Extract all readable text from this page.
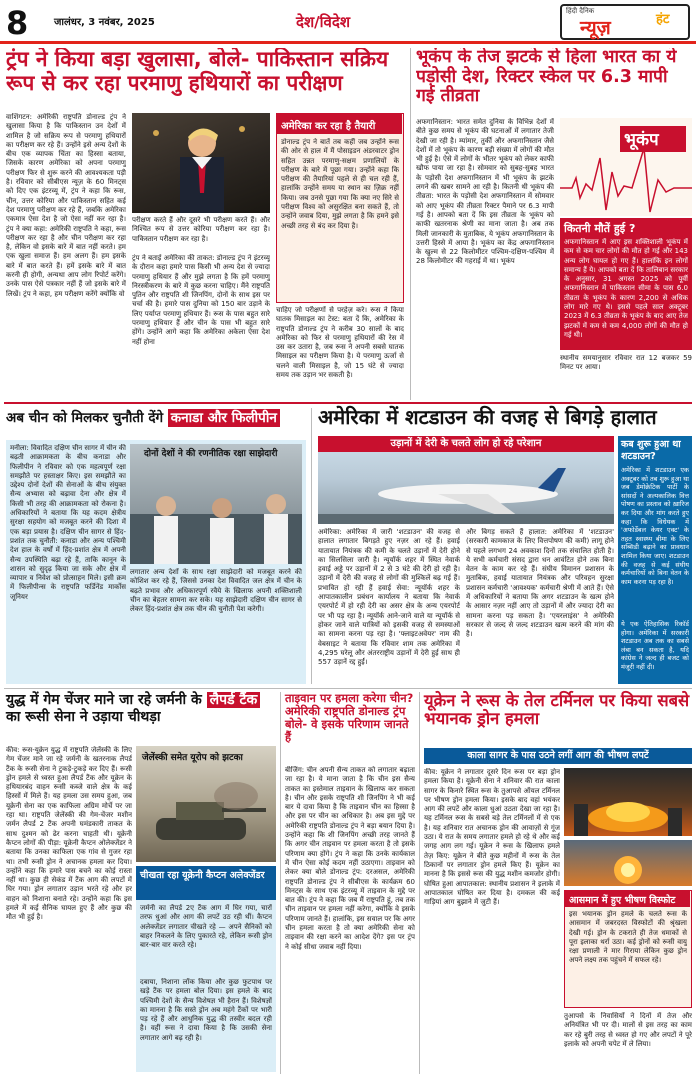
8	जालंधर, 3 नवंबर, 2025	देश/विदेश
हिंदी दैनिक
न्यूज़	हंट
ट्रंप ने किया बड़ा खुलासा, बोले- पाकिस्तान सक्रिय रूप से कर रहा परमाणु हथियारों का परीक्षण
वाशिंगटन: अमेरिकी राष्ट्रपति डोनाल्ड ट्रंप ने खुलासा किया है कि पाकिस्तान उन देशों में शामिल है जो सक्रिय रूप से परमाणु हथियारों का परीक्षण कर रहे हैं। उन्होंने इसे अन्य देशों के बीच एक व्यापक चिंता का हिस्सा बताया, जिसके कारण अमेरिका को अपना परमाणु परीक्षण फिर से शुरू करने की आवश्यकता पड़ी है। रविवार को सीबीएस न्यूज़ के 60 मिनट्स को दिए एक इंटरव्यू में, ट्रंप ने कहा कि रूस, चीन, उत्तर कोरिया और पाकिस्तान सहित कई देश परमाणु परीक्षण कर रहे हैं, जबकि अमेरिका एकमात्र ऐसा देश है जो ऐसा नहीं कर रहा है। ट्रंप ने क्या कहा: अमेरिकी राष्ट्रपति ने कहा, रूस परीक्षण कर रहा है और चीन परीक्षण कर रहा है, लेकिन वो इसके बारे में बात नहीं करते। हम एक खुला समाज हैं। हम अलग हैं। हम इसके बारे में बात करते हैं। हमें इसके बारे में बात करनी ही होगी, अन्यथा आप लोग रिपोर्ट करेंगे। उनके पास ऐसे पत्रकार नहीं हैं जो इसके बारे में लिखें। ट्रंप ने कहा, हम परीक्षण करेंगे क्योंकि वो
परीक्षण करते हैं और दूसरे भी परीक्षण करते हैं। और निश्चित रूप से उत्तर कोरिया परीक्षण कर रहा है। पाकिस्तान परीक्षण कर रहा है।
ट्रंप ने बताई अमेरिका की ताकत: डोनाल्ड ट्रंप ने इंटरव्यू के दौरान कहा हमारे पास किसी भी अन्य देश से ज्यादा परमाणु हथियार हैं और मुझे लगता है कि हमें परमाणु निरस्त्रीकरण के बारे में कुछ करना चाहिए। मैंने राष्ट्रपति पुतिन और राष्ट्रपति शी जिनपिंग, दोनों के साथ इस पर चर्चा की है। हमारे पास दुनिया को 150 बार उड़ाने के लिए पर्याप्त परमाणु हथियार हैं। रूस के पास बहुत सारे परमाणु हथियार हैं और चीन के पास भी बहुत सारे होंगे। उन्होंने आगे कहा कि अमेरिका अकेला ऐसा देश नहीं होना
अमेरिका कर रहा है तैयारी
डोनाल्ड ट्रंप ने बातें तब कहीं जब उन्होंने रूस की ओर से हाल में मैं पोसाइडन अंडरवाटर ड्रोन सहित उन्नत परमाणु-सक्षम प्रणालियों के परीक्षण के बारे में पूछा गया। उन्होंने कहा कि परीक्षण की तैयारियां पहले से ही चल रही हैं, हालांकि उन्होंने समय या स्थान का ज़िक्र नहीं किया। जब उनसे पूछा गया कि क्या नए सिरे से परीक्षण विश्व को असुरक्षित बना सकते हैं, तो उन्होंने जवाब दिया, मुझे लगता है कि हमने इसे अच्छी तरह से बंद कर दिया है।
चाहिए जो परीक्षणों से परहेज़ करे। रूस ने किया घातक मिसाइल का टेस्ट: बता दें कि, अमेरिका के राष्ट्रपति डोनाल्ड ट्रंप ने करीब 30 सालों के बाद अमेरिका को फिर से परमाणु हथियारों की रेस में उस कर उतारा है, जब रूस ने अपनी सबसे घातक मिसाइल का परीक्षण किया है। ये परमाणु ऊर्जा से चलने वाली मिसाइल है, जो 15 घंटे से ज्यादा समय तक उड़ान भर सकती है।
भूकंप के तेज झटके से हिला भारत का ये पड़ोसी देश, रिक्टर स्केल पर 6.3 मापी गई तीव्रता
अफगानिस्तान: भारत समेत दुनिया के विभिन्न देशों में बीते कुछ समय से भूकंप की घटनाओं में लगातार तेजी देखी जा रही है। म्यांमार, तुर्की और अफगानिस्तान जैसे देशों में तो भूकंप के कारण बड़ी संख्या में लोगों की मौत भी हुई है। ऐसे में लोगों के भीतर भूकंप को लेकर काफी खौफ पाया जा रहा है। सोमवार को सुबह-सुबह भारत के पड़ोसी देश अफगानिस्तान में भी भूकंप के झटके लगने की खबर सामने आ रही है। कितनी थी भूकंप की तीव्रता: भारत के पड़ोसी देश अफगानिस्तान में सोमवार को आए भूकंप की तीव्रता रिक्टर पैमाने पर 6.3 मापी गई है। आपको बता दें कि इस तीव्रता के भूकंप को काफी खतरनाक श्रेणी का माना जाता है। अब तक मिली जानकारी के मुताबिक, ये भूकंप अफगानिस्तान के उत्तरी हिस्से में आया है। भूकंप का केंद्र अफगानिस्तान के खुल्म से 22 किलोमीटर पश्चिम-दक्षिण-पश्चिम में 28 किलोमीटर की गहराई में था। भूकंप
भूकंप
कितनी मौतें हुई ?
अफगानिस्तान में आए इस शक्तिशाली भूकंप में कम से कम चार लोगों की मौत हो गई और 143 अन्य लोग घायल हो गए हैं। हालांकि इन लोगों समान्य हैं ये। आपको बता दें कि तालिबान सरकार के अनुसार, 31 अगस्त 2025 को पूर्वी अफगानिस्तान में पाकिस्तान सीमा के पास 6.0 तीव्रता के भूकंप के कारण 2,200 से अधिक लोग मारे गए थे। इससे पहले साल अक्टूबर 2023 में 6.3 तीव्रता के भूकंप के बाद आए तेज झटकों में कम से कम 4,000 लोगों की मौत हो गई थी।
स्थानीय समयानुसार रविवार रात 12 बजकर 59 मिनट पर आया।
अब चीन को मिलकर चुनौती देंगे कनाडा और फिलीपीन
मनीला: विवादित दक्षिण चीन सागर में चीन की बढ़ती आक्रामकता के बीच कनाडा और फिलीपीन ने रविवार को एक महत्वपूर्ण रक्षा समझौते पर हस्ताक्षर किए। इस समझौते का उद्देश्य दोनों देशों की सेनाओं के बीच संयुक्त सैन्य अभ्यास को बढ़ावा देना और क्षेत्र में किसी भी तरह की आक्रामकता को रोकना है। अधिकारियों ने बताया कि यह कदम क्षेत्रीय सुरक्षा सहयोग को मजबूत करने की दिशा में एक बड़ा प्रयास है। दक्षिण चीन सागर से हिंद-प्रशांत तक चुनौती: कनाडा और अन्य पश्चिमी देश हाल के वर्षों में हिंद-प्रशांत क्षेत्र में अपनी सैन्य उपस्थिति बढ़ा रहे हैं, ताकि कानून के शासन को सुदृढ़ किया जा सके और क्षेत्र में व्यापार व निवेश को प्रोत्साहन मिले। इसी क्रम में फिलीपीन्स के राष्ट्रपति फर्डिनेंड मार्कोस जूनियर
दोनों देशों ने की रणनीतिक रक्षा साझेदारी
लगातार अन्य देशों के साथ रक्षा साझेदारी को मजबूत करने की कोशिश कर रहे हैं, जिससे उनका देश विवादित जल क्षेत्र में चीन के बढ़ते प्रभाव और अधिकारपूर्ण रवैये के खिलाफ अपनी शक्तिशाली चीन का बेहतर सामना कर सके। यह साझेदारी दक्षिण चीन सागर से लेकर हिंद-प्रशांत क्षेत्र तक चीन की चुनौती पेश करेगी।
अमेरिका में शटडाउन की वजह से बिगड़े हालात
उड़ानों में देरी के चलते लोग हो रहे परेशान
अमेरिका: अमेरिका में जारी 'शटडाउन' की वजह से हालात लगातार बिगड़ते हुए नज़र आ रहे हैं। हवाई यातायात नियंत्रक की कमी के चलते उड़ानों में देरी होने का सिलसिला जारी है। न्यूयॉर्क शहर में स्थित नेवार्क हवाई अड्डे पर उड़ानों में 2 से 3 घंटे की देरी हो रही है। उड़ानों में देरी की वजह से लोगों की मुश्किलें बढ़ गई हैं। प्रभावित हो रही हैं हवाई सेवा: न्यूयॉर्क शहर के आपातकालीन प्रबंधन कार्यालय ने बताया कि नेवार्क एयरपोर्ट में हो रही देरी का असर क्षेत्र के अन्य एयरपोर्ट पर भी पड़ रहा है। न्यूयॉर्क आने-जाने वाले या न्यूयॉर्क से होकर जाने वाले यात्रियों को इसकी वजह से समस्याओं का सामना करना पड़ रहा है। 'फ्लाइटअवेयर' नाम की वेबसाइट ने बताया कि रविवार शाम तक अमेरिका में 4,295 घरेलू और अंतरराष्ट्रीय उड़ानों में देरी हुई साथ ही 557 उड़ानें रद्द हुईं।
और बिगड़ सकते हैं हालात: अमेरिका में 'शटडाउन' (सरकारी कामकाज के लिए वित्तपोषण की कमी) लागू होने से पहले लगभग 24 अवकाश दिनों तक संचालित होती है। ये सभी कर्मचारी संसद द्वारा धन आवंटित होने तक बिना वेतन के काम कर रहे हैं। संघीय विमानन प्रशासन के मुताबिक, हवाई यातायात नियंत्रक और परिवहन सुरक्षा प्रशासन कर्मचारी 'आवश्यक' कर्मचारी श्रेणी में आते हैं। ऐसे में अधिकारियों ने बताया कि अगर शटडाउन के खत्म होने के आसार नज़र नहीं आए तो उड़ानों में और ज्यादा देरी का सामना करना पड़ सकता है। 'एयरलाइंस' ने अमेरिकी सरकार से जल्द से जल्द शटडाउन खत्म करने की मांग की है।
युद्ध में गेम चेंजर माने जा रहे जर्मनी के लैपर्ड टैंक का रूसी सेना ने उड़ाया चीथड़ा
कीव: रूस-यूक्रेन युद्ध में राष्ट्रपति जेलेंस्की के लिए गेम चेंजर माने जा रहे जर्मनी के खतरनाक लैपर्ड टैंक के रूसी सेना ने टुकड़े-टुकड़े कर दिए हैं। रूसी ड्रोन हमले से ध्वस्त हुआ लैपर्ड टैंक और यूक्रेन के हथियारबंद वाहन रूसी कब्जे वाले क्षेत्र के कई हिस्सों में मिले हैं। यह हमला उस समय हुआ, जब यूक्रेनी सेना का एक काफिला अग्रिम मोर्चे पर जा रहा था। राष्ट्रपति जेलेंस्की की गेम-चेंजर मशीन जर्मन लैपर्ड 2 टैंक अपनी घमंडकारी ताकत के साथ दुश्मन को ढेर करना चाहती थी। यूक्रेनी कैप्टन लोगों की पीड़ा: यूक्रेनी कैप्टन ओलेक्जेंडर ने बताया कि उनका काफिला एक गांव से गुजर रहा था। तभी रूसी ड्रोन ने अचानक हमला कर दिया। उन्होंने कहा कि हमारे पास बचने का कोई रास्ता नहीं था। कुछ ही सेकंड में टैंक आग की लपटों में घिर गया। ड्रोन लगातार उड़ान भरते रहे और हर वाहन को निशाना बनाते रहे। उन्होंने कहा कि इस हमले में कई सैनिक घायल हुए हैं और कुछ की मौत भी हुई है।
जेलेंस्की समेत यूरोप को झटका
चीखता रहा यूक्रेनी कैप्टन अलेक्जेंडर
जर्मनी का लैपर्ड 2ए टैंक आग में घिर गया, चारों तरफ धुआं और आग की लपटें उठ रही थीं। कैप्टन अलेक्जेंडर लगातार चीखते रहे — अपने सैनिकों को बाहर निकलने के लिए पुकारते रहे, लेकिन रूसी ड्रोन बार-बार वार करते रहे।
दबाया, निशाना लॉक किया और कुछ फुटपाथ पर खड़े टैंक पर हमला बोल दिया। इस हमले के बाद पश्चिमी देशों के सैन्य विशेषज्ञ भी हैरान हैं। विशेषज्ञों का मानना है कि सस्ते ड्रोन अब महंगे टैंकों पर भारी पड़ रहे हैं और आधुनिक युद्ध की तस्वीर बदल रही है। वहीं रूस ने दावा किया है कि उसकी सेना लगातार आगे बढ़ रही है।
ताइवान पर हमला करेगा चीन? अमेरिकी राष्ट्रपति डोनाल्ड ट्रंप बोले- वे इसके परिणाम जानते हैं
बीजिंग: चीन अपनी सैन्य ताकत को लगातार बढ़ाता जा रहा है। ये माना जाता है कि चीन इस सैन्य ताकत का इस्तेमाल ताइवान के खिलाफ कर सकता है। चीन और इसके राष्ट्रपति शी जिनपिंग ने भी कई बार ये दावा किया है कि ताइवान चीन का हिस्सा है और इस पर चीन का अधिकार है। अब इस मुद्दे पर अमेरिकी राष्ट्रपति डोनाल्ड ट्रंप ने बड़ा बयान दिया है। उन्होंने कहा कि शी जिनपिंग अच्छी तरह जानते हैं कि अगर चीन ताइवान पर हमला करता है तो इसके परिणाम क्या होंगे। ट्रंप ने कहा कि उनके कार्यकाल में चीन ऐसा कोई कदम नहीं उठाएगा। ताइवान को लेकर क्या बोले डोनाल्ड ट्रंप: दरअसल, अमेरिकी राष्ट्रपति डोनाल्ड ट्रंप ने सीबीएस के कार्यक्रम 60 मिनट्स के साथ एक इंटरव्यू में ताइवान के मुद्दे पर बात की। ट्रंप ने कहा कि जब मैं राष्ट्रपति हूं, तब तक चीन ताइवान पर हमला नहीं करेगा, क्योंकि वे इसके परिणाम जानते हैं। हालांकि, इस सवाल पर कि अगर चीन हमला करता है तो क्या अमेरिकी सेना को ताइवान की रक्षा करने का आदेश देंगे? इस पर ट्रंप ने कोई सीधा जवाब नहीं दिया।
यूक्रेन ने रूस के तेल टर्मिनल पर किया सबसे भयानक ड्रोन हमला
काला सागर के पास उठने लगीं आग की भीषण लपटें
कीव: यूक्रेन ने लगातार दूसरे दिन रूस पर बड़ा ड्रोन हमला किया है। यूक्रेनी सेना ने शनिवार की रात काला सागर के किनारे स्थित रूस के तुआपसे ऑयल टर्मिनल पर भीषण ड्रोन हमला किया। इसके बाद वहां भयंकर आग की लपटें और काला धुआं उठता देखा जा रहा है। यह टर्मिनल रूस के सबसे बड़े तेल टर्मिनलों में से एक है। यह शनिवार रात अचानक ड्रोन की आवाज़ों से गूंज उठा। ये रात के समय लगातार हमले हो रहे थे और कई जगह आग लग गई। यूक्रेन ने रूस के खिलाफ हमले तेज़ किए: यूक्रेन ने बीते कुछ महीनों में रूस के तेल ठिकानों पर लगातार ड्रोन हमले किए हैं। यूक्रेन का मानना है कि इससे रूस की युद्ध मशीन कमजोर होगी। घोषित हुआ आपातकाल: स्थानीय प्रशासन ने इलाके में आपातकाल घोषित कर दिया है। दमकल की कई गाड़ियां आग बुझाने में जुटी हैं।	आसमान में हुए भीषण विस्फोट
इस भयानक ड्रोन हमले के चलते रूस के आसमान में जबरदस्त विस्फोटों की श्रृंखला देखी गई। ड्रोन के टकराते ही तेज धमाकों से पूरा इलाका थर्रा उठा। कई ड्रोनों को रूसी वायु रक्षा प्रणाली ने मार गिराया लेकिन कुछ ड्रोन अपने लक्ष्य तक पहुंचने में सफल रहे।
तुआपसे के निवासियों ने दिनों में तेज और अनियंत्रित भी पर दी। मालों से इस तरह का काम कर रहे बुरी तरह से ध्वस्त हो गए और लपटों ने पूरे इलाके को अपनी चपेट में ले लिया।
कब शुरू हुआ था शटडाउन?
अमेरिका में शटडाउन एक अक्टूबर को तब शुरू हुआ था जब डेमोक्रेटिक पार्टी के सांसदों ने अल्पकालिक वित्त पोषण का प्रस्ताव को ख़ारिज कर दिया और मांग करते हुए कहा कि विधेयक में 'अफोर्डेबल केयर एक्ट' के तहत स्वास्थ्य बीमा के लिए सब्सिडी बढ़ाने का प्रावधान शामिल किया जाए। शटडाउन की वजह से कई संघीय कर्मचारियों को बिना वेतन के काम करना पड़ रहा है।
ये एक ऐतिहासिक रिकॉर्ड होगा। अमेरिका में सरकारी शटडाउन अब तक का सबसे लंबा बन सकता है, यदि कांग्रेस ने जल्द ही बजट को मंजूरी नहीं दी।
